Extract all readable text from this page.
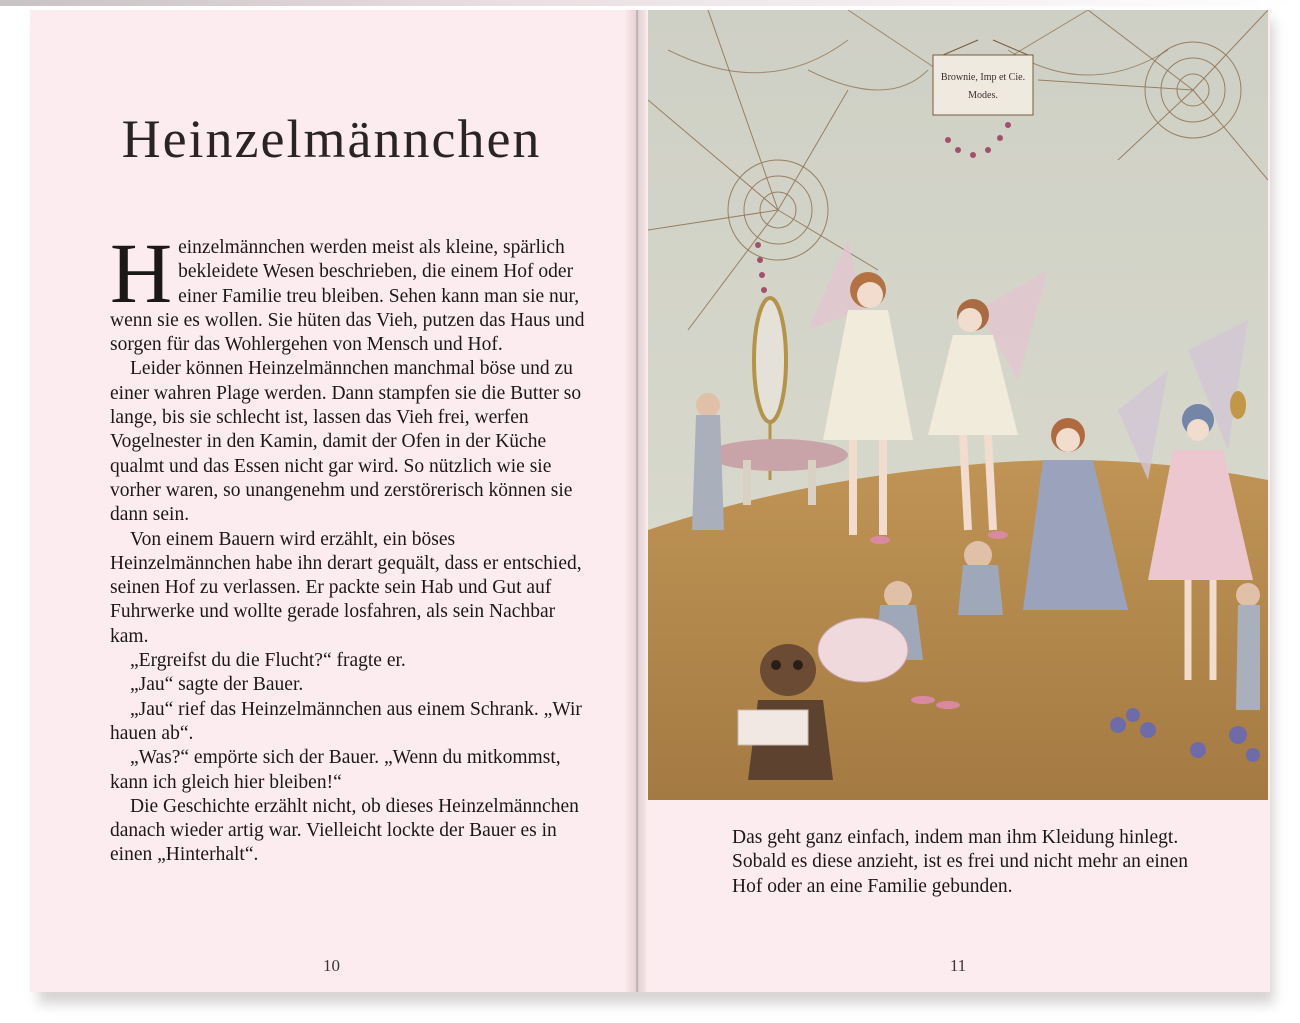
Heinzelmännchen

Heinzelmännchen werden meist als kleine, spärlich bekleidete Wesen beschrieben, die einem Hof oder einer Familie treu bleiben. Sehen kann man sie nur, wenn sie es wollen. Sie hüten das Vieh, putzen das Haus und sorgen für das Wohlergehen von Mensch und Hof.

Leider können Heinzelmännchen manchmal böse und zu einer wahren Plage werden. Dann stampfen sie die Butter so lange, bis sie schlecht ist, lassen das Vieh frei, werfen Vogelnester in den Kamin, damit der Ofen in der Küche qualmt und das Essen nicht gar wird. So nützlich wie sie vorher waren, so unangenehm und zerstörerisch können sie dann sein.

Von einem Bauern wird erzählt, ein böses Heinzelmännchen habe ihn derart gequält, dass er entschied, seinen Hof zu verlassen. Er packte sein Hab und Gut auf Fuhrwerke und wollte gerade losfahren, als sein Nachbar kam.

„Ergreifst du die Flucht?“ fragte er.

„Jau“ sagte der Bauer.

„Jau“ rief das Heinzelmännchen aus einem Schrank. „Wir hauen ab“.

„Was?“ empörte sich der Bauer. „Wenn du mitkommst, kann ich gleich hier bleiben!“

Die Geschichte erzählt nicht, ob dieses Heinzelmännchen danach wieder artig war. Vielleicht lockte der Bauer es in einen „Hinterhalt“.

10
Brownie, Imp et Cie.
Modes.

Das geht ganz einfach, indem man ihm Kleidung hinlegt. Sobald es diese anzieht, ist es frei und nicht mehr an einen Hof oder an eine Familie gebunden.

11
